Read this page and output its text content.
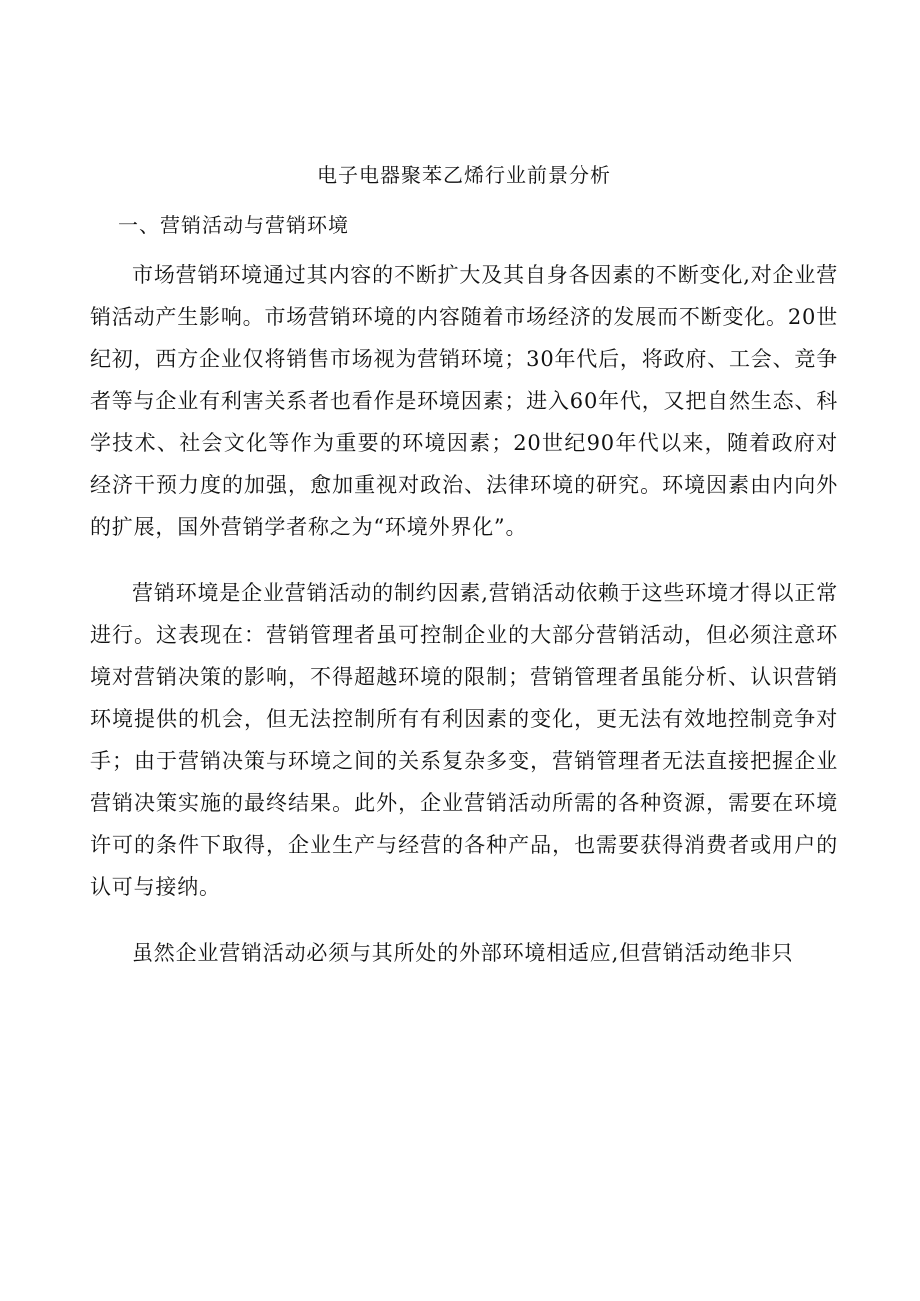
电子电器聚苯乙烯行业前景分析
一、营销活动与营销环境

市场营销环境通过其内容的不断扩大及其自身各因素的不断变化,对企业营销活动产生影响。市场营销环境的内容随着市场经济的发展而不断变化。20世纪初，西方企业仅将销售市场视为营销环境；30年代后，将政府、工会、竞争者等与企业有利害关系者也看作是环境因素；进入60年代，又把自然生态、科学技术、社会文化等作为重要的环境因素；20世纪90年代以来，随着政府对经济干预力度的加强，愈加重视对政治、法律环境的研究。环境因素由内向外的扩展，国外营销学者称之为“环境外界化”。

营销环境是企业营销活动的制约因素,营销活动依赖于这些环境才得以正常进行。这表现在：营销管理者虽可控制企业的大部分营销活动，但必须注意环境对营销决策的影响，不得超越环境的限制；营销管理者虽能分析、认识营销环境提供的机会，但无法控制所有有利因素的变化，更无法有效地控制竞争对手；由于营销决策与环境之间的关系复杂多变，营销管理者无法直接把握企业营销决策实施的最终结果。此外，企业营销活动所需的各种资源，需要在环境许可的条件下取得，企业生产与经营的各种产品，也需要获得消费者或用户的认可与接纳。

虽然企业营销活动必须与其所处的外部环境相适应,但营销活动绝非只
